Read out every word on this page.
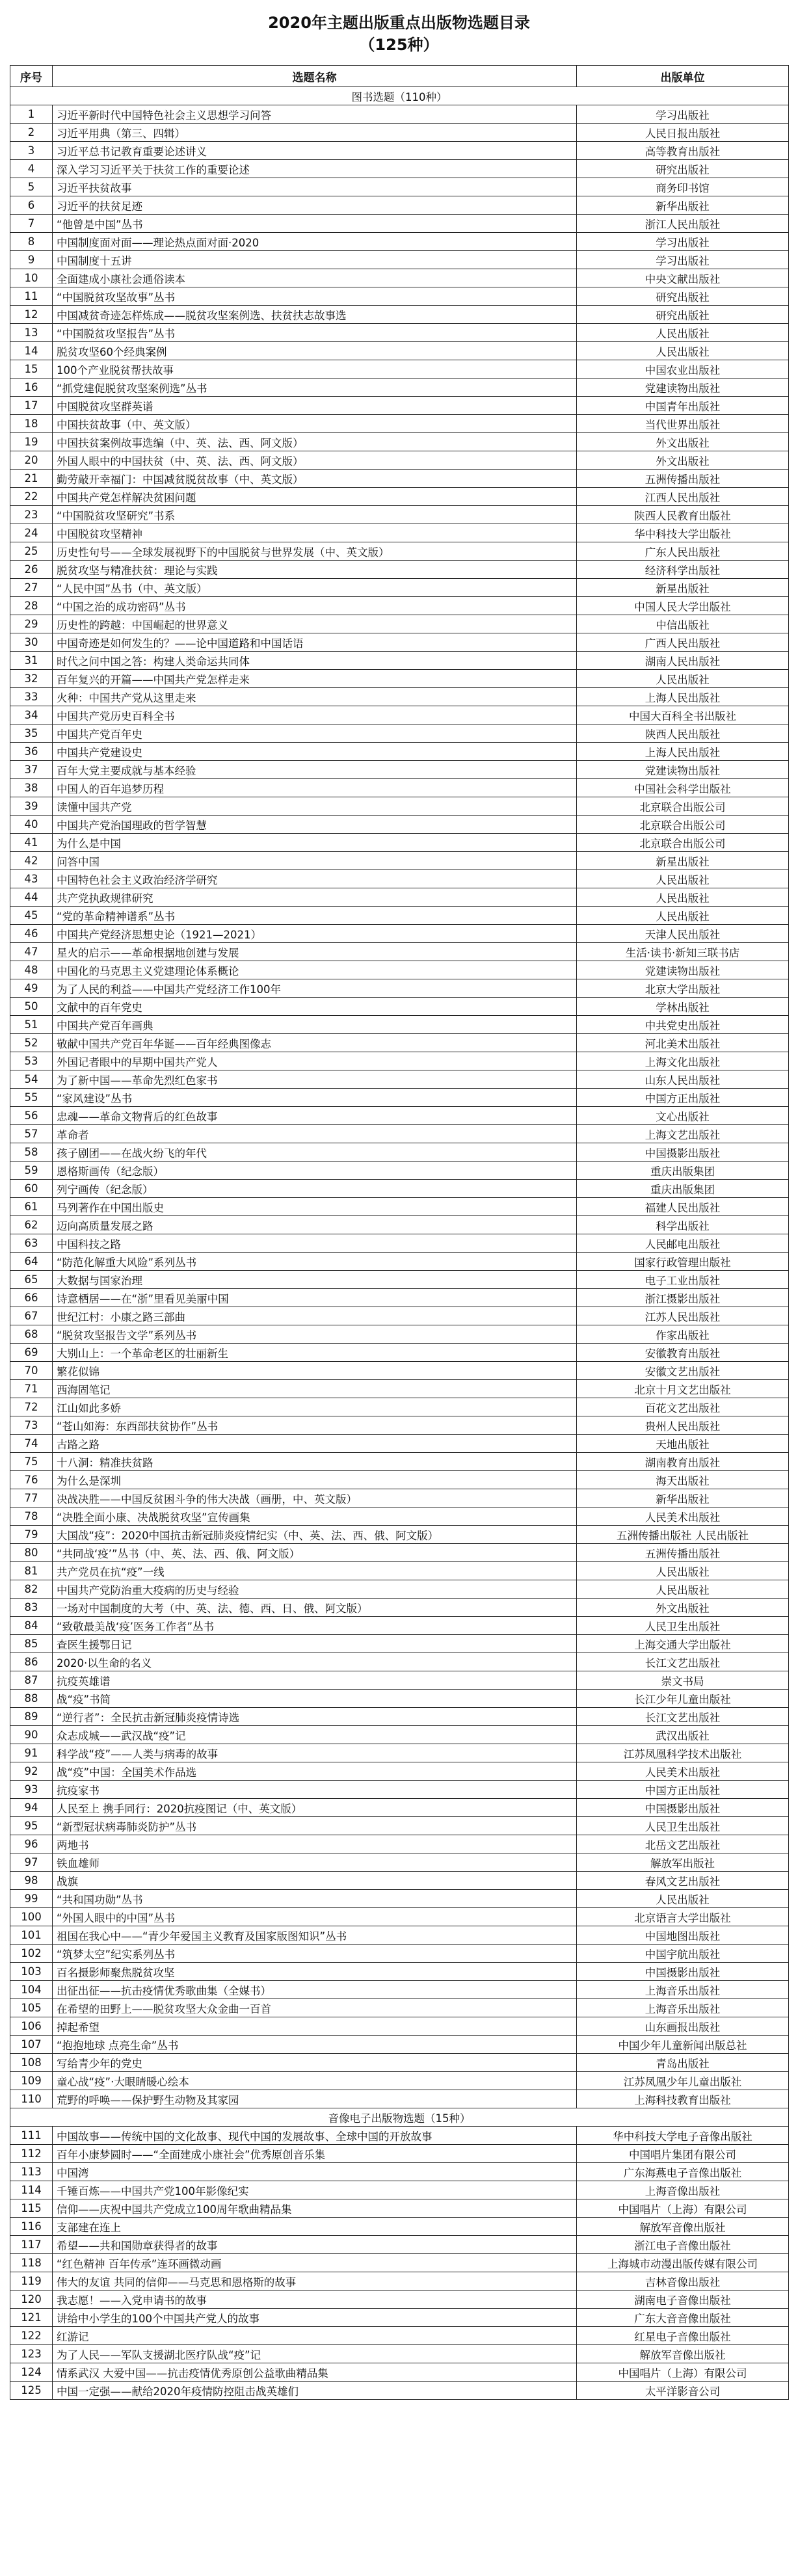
2020年主题出版重点出版物选题目录
（125种）
序号	选题名称	出版单位
图书选题（110种）		
1	习近平新时代中国特色社会主义思想学习问答	学习出版社
2	习近平用典（第三、四辑）	人民日报出版社
3	习近平总书记教育重要论述讲义	高等教育出版社
4	深入学习习近平关于扶贫工作的重要论述	研究出版社
5	习近平扶贫故事	商务印书馆
6	习近平的扶贫足迹	新华出版社
7	“他曾是中国”丛书	浙江人民出版社
8	中国制度面对面——理论热点面对面·2020	学习出版社
9	中国制度十五讲	学习出版社
10	全面建成小康社会通俗读本	中央文献出版社
11	“中国脱贫攻坚故事”丛书	研究出版社
12	中国减贫奇迹怎样炼成——脱贫攻坚案例选、扶贫扶志故事选	研究出版社
13	“中国脱贫攻坚报告”丛书	人民出版社
14	脱贫攻坚60个经典案例	人民出版社
15	100个产业脱贫帮扶故事	中国农业出版社
16	“抓党建促脱贫攻坚案例选”丛书	党建读物出版社
17	中国脱贫攻坚群英谱	中国青年出版社
18	中国扶贫故事（中、英文版）	当代世界出版社
19	中国扶贫案例故事选编（中、英、法、西、阿文版）	外文出版社
20	外国人眼中的中国扶贫（中、英、法、西、阿文版）	外文出版社
21	勤劳敲开幸福门：中国减贫脱贫故事（中、英文版）	五洲传播出版社
22	中国共产党怎样解决贫困问题	江西人民出版社
23	“中国脱贫攻坚研究”书系	陕西人民教育出版社
24	中国脱贫攻坚精神	华中科技大学出版社
25	历史性句号——全球发展视野下的中国脱贫与世界发展（中、英文版）	广东人民出版社
26	脱贫攻坚与精准扶贫：理论与实践	经济科学出版社
27	“人民中国”丛书（中、英文版）	新星出版社
28	“中国之治的成功密码”丛书	中国人民大学出版社
29	历史性的跨越：中国崛起的世界意义	中信出版社
30	中国奇迹是如何发生的？——论中国道路和中国话语	广西人民出版社
31	时代之问中国之答：构建人类命运共同体	湖南人民出版社
32	百年复兴的开篇——中国共产党怎样走来	人民出版社
33	火种：中国共产党从这里走来	上海人民出版社
34	中国共产党历史百科全书	中国大百科全书出版社
35	中国共产党百年史	陕西人民出版社
36	中国共产党建设史	上海人民出版社
37	百年大党主要成就与基本经验	党建读物出版社
38	中国人的百年追梦历程	中国社会科学出版社
39	读懂中国共产党	北京联合出版公司
40	中国共产党治国理政的哲学智慧	北京联合出版公司
41	为什么是中国	北京联合出版公司
42	问答中国	新星出版社
43	中国特色社会主义政治经济学研究	人民出版社
44	共产党执政规律研究	人民出版社
45	“党的革命精神谱系”丛书	人民出版社
46	中国共产党经济思想史论（1921—2021）	天津人民出版社
47	星火的启示——革命根据地创建与发展	生活·读书·新知三联书店
48	中国化的马克思主义党建理论体系概论	党建读物出版社
49	为了人民的利益——中国共产党经济工作100年	北京大学出版社
50	文献中的百年党史	学林出版社
51	中国共产党百年画典	中共党史出版社
52	敬献中国共产党百年华诞——百年经典图像志	河北美术出版社
53	外国记者眼中的早期中国共产党人	上海文化出版社
54	为了新中国——革命先烈红色家书	山东人民出版社
55	“家风建设”丛书	中国方正出版社
56	忠魂——革命文物背后的红色故事	文心出版社
57	革命者	上海文艺出版社
58	孩子剧团——在战火纷飞的年代	中国摄影出版社
59	恩格斯画传（纪念版）	重庆出版集团
60	列宁画传（纪念版）	重庆出版集团
61	马列著作在中国出版史	福建人民出版社
62	迈向高质量发展之路	科学出版社
63	中国科技之路	人民邮电出版社
64	“防范化解重大风险”系列丛书	国家行政管理出版社
65	大数据与国家治理	电子工业出版社
66	诗意栖居——在“浙”里看见美丽中国	浙江摄影出版社
67	世纪江村：小康之路三部曲	江苏人民出版社
68	“脱贫攻坚报告文学”系列丛书	作家出版社
69	大别山上：一个革命老区的壮丽新生	安徽教育出版社
70	繁花似锦	安徽文艺出版社
71	西海固笔记	北京十月文艺出版社
72	江山如此多娇	百花文艺出版社
73	“苍山如海：东西部扶贫协作”丛书	贵州人民出版社
74	古路之路	天地出版社
75	十八洞：精准扶贫路	湖南教育出版社
76	为什么是深圳	海天出版社
77	决战决胜——中国反贫困斗争的伟大决战（画册，中、英文版）	新华出版社
78	“决胜全面小康、决战脱贫攻坚”宣传画集	人民美术出版社
79	大国战“疫”：2020中国抗击新冠肺炎疫情纪实（中、英、法、西、俄、阿文版）	五洲传播出版社 人民出版社
80	“共同战‘疫’”丛书（中、英、法、西、俄、阿文版）	五洲传播出版社
81	共产党员在抗“疫”一线	人民出版社
82	中国共产党防治重大疫病的历史与经验	人民出版社
83	一场对中国制度的大考（中、英、法、德、西、日、俄、阿文版）	外文出版社
84	“致敬最美战‘疫’医务工作者”丛书	人民卫生出版社
85	查医生援鄂日记	上海交通大学出版社
86	2020·以生命的名义	长江文艺出版社
87	抗疫英雄谱	崇文书局
88	战“疫”书简	长江少年儿童出版社
89	“逆行者”：全民抗击新冠肺炎疫情诗选	长江文艺出版社
90	众志成城——武汉战“疫”记	武汉出版社
91	科学战“疫”——人类与病毒的故事	江苏凤凰科学技术出版社
92	战“疫”中国：全国美术作品选	人民美术出版社
93	抗疫家书	中国方正出版社
94	人民至上 携手同行：2020抗疫图记（中、英文版）	中国摄影出版社
95	“新型冠状病毒肺炎防护”丛书	人民卫生出版社
96	两地书	北岳文艺出版社
97	铁血雄师	解放军出版社
98	战旗	春风文艺出版社
99	“共和国功勋”丛书	人民出版社
100	“外国人眼中的中国”丛书	北京语言大学出版社
101	祖国在我心中——“青少年爱国主义教育及国家版图知识”丛书	中国地图出版社
102	“筑梦太空”纪实系列丛书	中国宇航出版社
103	百名摄影师聚焦脱贫攻坚	中国摄影出版社
104	出征出征——抗击疫情优秀歌曲集（全媒书）	上海音乐出版社
105	在希望的田野上——脱贫攻坚大众金曲一百首	上海音乐出版社
106	掉起希望	山东画报出版社
107	“抱抱地球 点亮生命”丛书	中国少年儿童新闻出版总社
108	写给青少年的党史	青岛出版社
109	童心战“疫”·大眼睛暖心绘本	江苏凤凰少年儿童出版社
110	荒野的呼唤——保护野生动物及其家园	上海科技教育出版社
音像电子出版物选题（15种）		
111	中国故事——传统中国的文化故事、现代中国的发展故事、全球中国的开放故事	华中科技大学电子音像出版社
112	百年小康梦圆时——“全面建成小康社会”优秀原创音乐集	中国唱片集团有限公司
113	中国湾	广东海燕电子音像出版社
114	千锤百炼——中国共产党100年影像纪实	上海音像出版社
115	信仰——庆祝中国共产党成立100周年歌曲精品集	中国唱片（上海）有限公司
116	支部建在连上	解放军音像出版社
117	希望——共和国勋章获得者的故事	浙江电子音像出版社
118	“红色精神 百年传承”连环画微动画	上海城市动漫出版传媒有限公司
119	伟大的友谊 共同的信仰——马克思和恩格斯的故事	吉林音像出版社
120	我志愿！——入党申请书的故事	湖南电子音像出版社
121	讲给中小学生的100个中国共产党人的故事	广东大音音像出版社
122	红游记	红星电子音像出版社
123	为了人民——军队支援湖北医疗队战“疫”记	解放军音像出版社
124	情系武汉 大爱中国——抗击疫情优秀原创公益歌曲精品集	中国唱片（上海）有限公司
125	中国一定强——献给2020年疫情防控阻击战英雄们	太平洋影音公司
